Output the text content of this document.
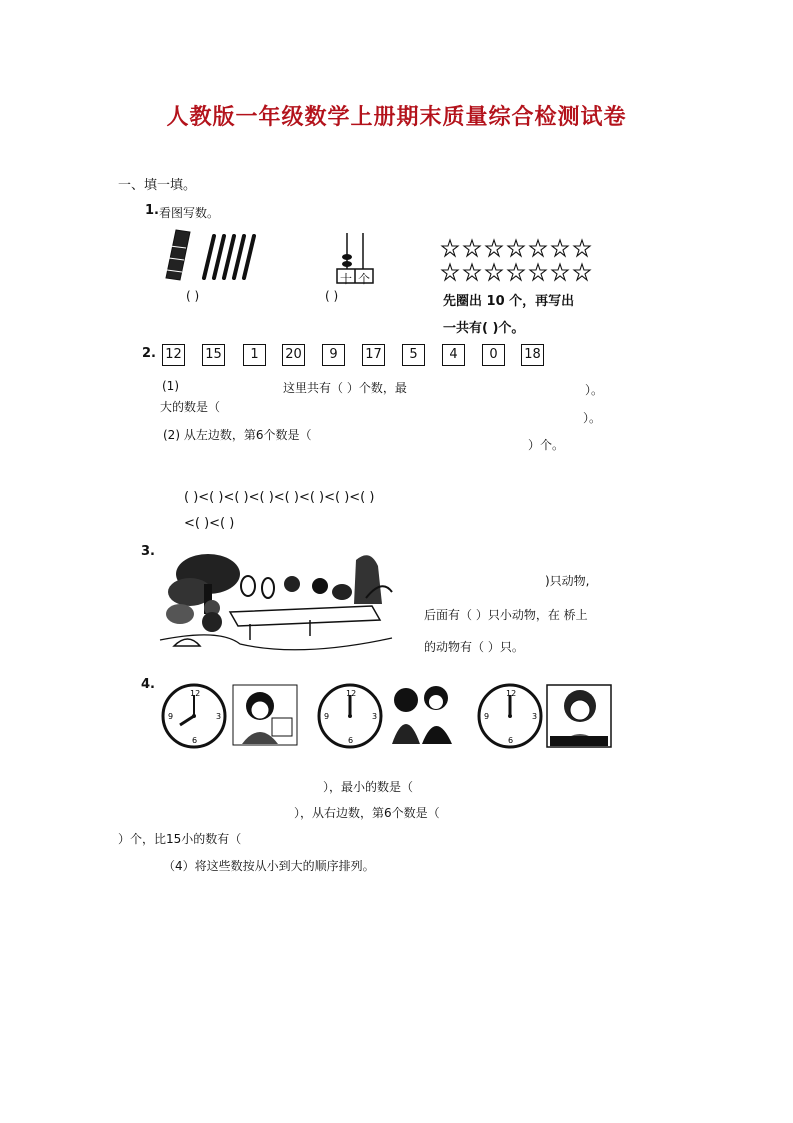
人教版一年级数学上册期末质量综合检测试卷
一、填一填。
1. 看图写数。
( )
十 个
( )	先圈出 10 个，再写出
一共有( )个。
2. 12 15	1	20	9	17	5	4	0	18
(1)	这里共有（ ）个数，最	）。
大的数是（
）。
(2) 从左边数，第6个数是（
）个。
( )<( )<( )<( )<( )<( )<( )<( )
<( )<( )
3.
)只动物,
后面有（ ）只小动物，在 桥上
的动物有（ ）只。
4.
12
3
6
9
12
3
6
9
12
3
6
9
），最小的数是（
），从右边数，第6个数是（
）个，比15小的数有（
（4）将这些数按从小到大的顺序排列。
